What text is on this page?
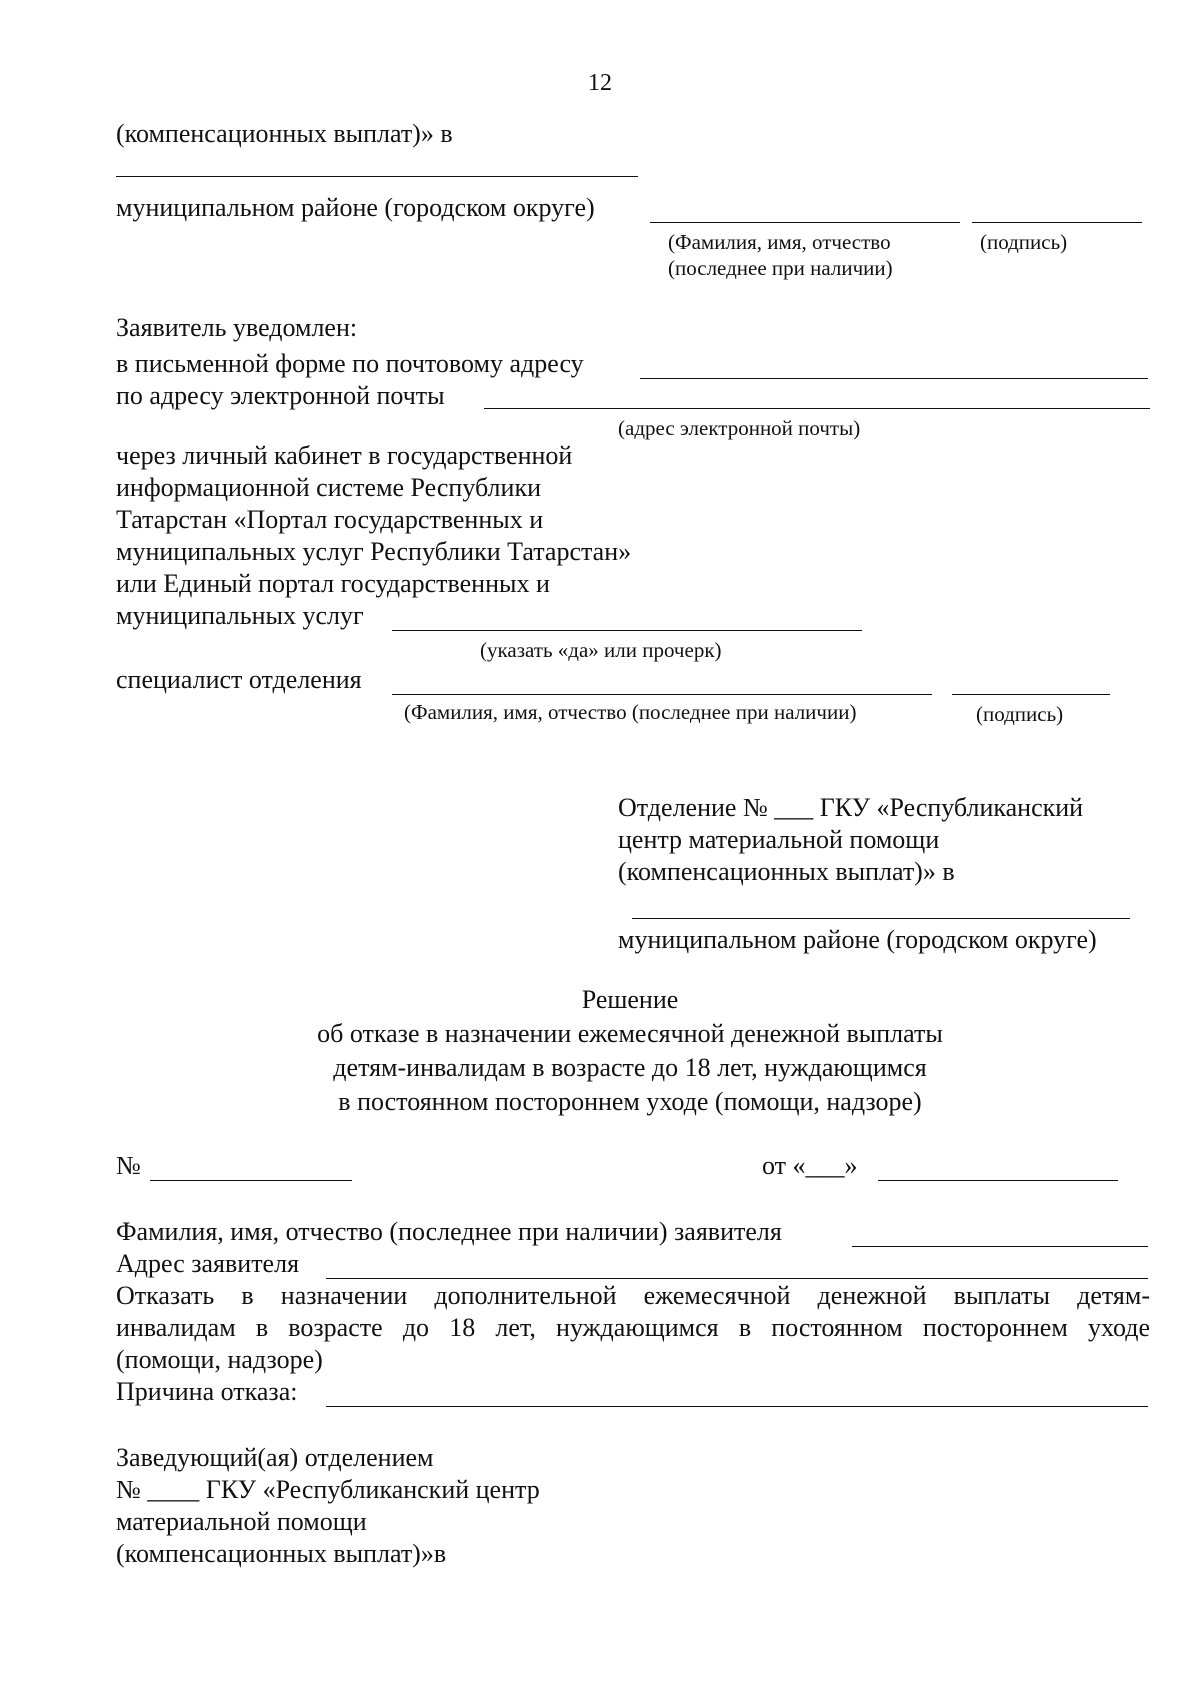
12
(компенсационных выплат)» в
муниципальном районе (городском округе)
(Фамилия, имя, отчество
(последнее при наличии)
(подпись)
Заявитель уведомлен:
в письменной форме по почтовому адресу
по адресу электронной почты
(адрес электронной почты)
через личный кабинет в государственной
информационной системе Республики
Татарстан «Портал государственных и
муниципальных услуг Республики Татарстан»
или Единый портал государственных и
муниципальных услуг
(указать «да» или прочерк)
специалист отделения
(Фамилия, имя, отчество (последнее при наличии)	(подпись)
Отделение № ___ ГКУ «Республиканский
центр материальной помощи
(компенсационных выплат)» в
муниципальном районе (городском округе)
Решение
об отказе в назначении ежемесячной денежной выплаты
детям-инвалидам в возрасте до 18 лет, нуждающимся
в постоянном постороннем уходе (помощи, надзоре)
№	от «___»
Фамилия, имя, отчество (последнее при наличии) заявителя
Адрес заявителя
Отказать в назначении дополнительной ежемесячной денежной выплаты детям-
инвалидам в возрасте до 18 лет, нуждающимся в постоянном постороннем уходе
(помощи, надзоре)
Причина отказа:
Заведующий(ая) отделением
№ ____ ГКУ «Республиканский центр
материальной помощи
(компенсационных выплат)»в
